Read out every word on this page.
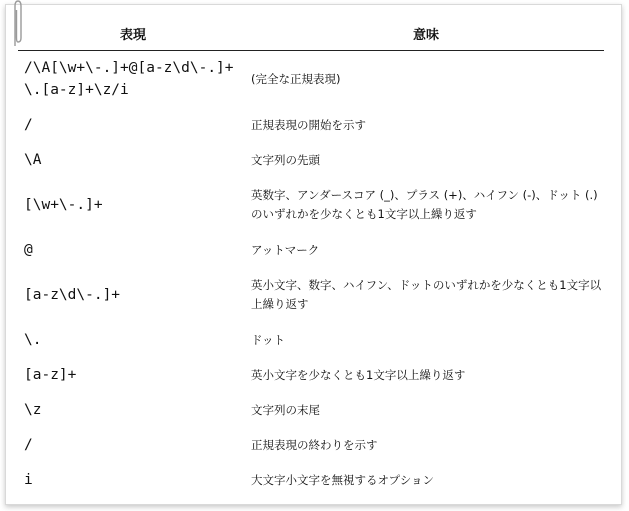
表現	意味
/\A[\w+\-.]+@[a-z\d\-.]+\.[a-z]+\z/i	(完全な正規表現)
/	正規表現の開始を示す
\A	文字列の先頭
[\w+\-.]+	英数字、アンダースコア (_)、プラス (+)、ハイフン (-)、ドット (.) のいずれかを少なくとも1文字以上繰り返す
@	アットマーク
[a-z\d\-.]+	英小文字、数字、ハイフン、ドットのいずれかを少なくとも1文字以上繰り返す
\.	ドット
[a-z]+	英小文字を少なくとも1文字以上繰り返す
\z	文字列の末尾
/	正規表現の終わりを示す
i	大文字小文字を無視するオプション
